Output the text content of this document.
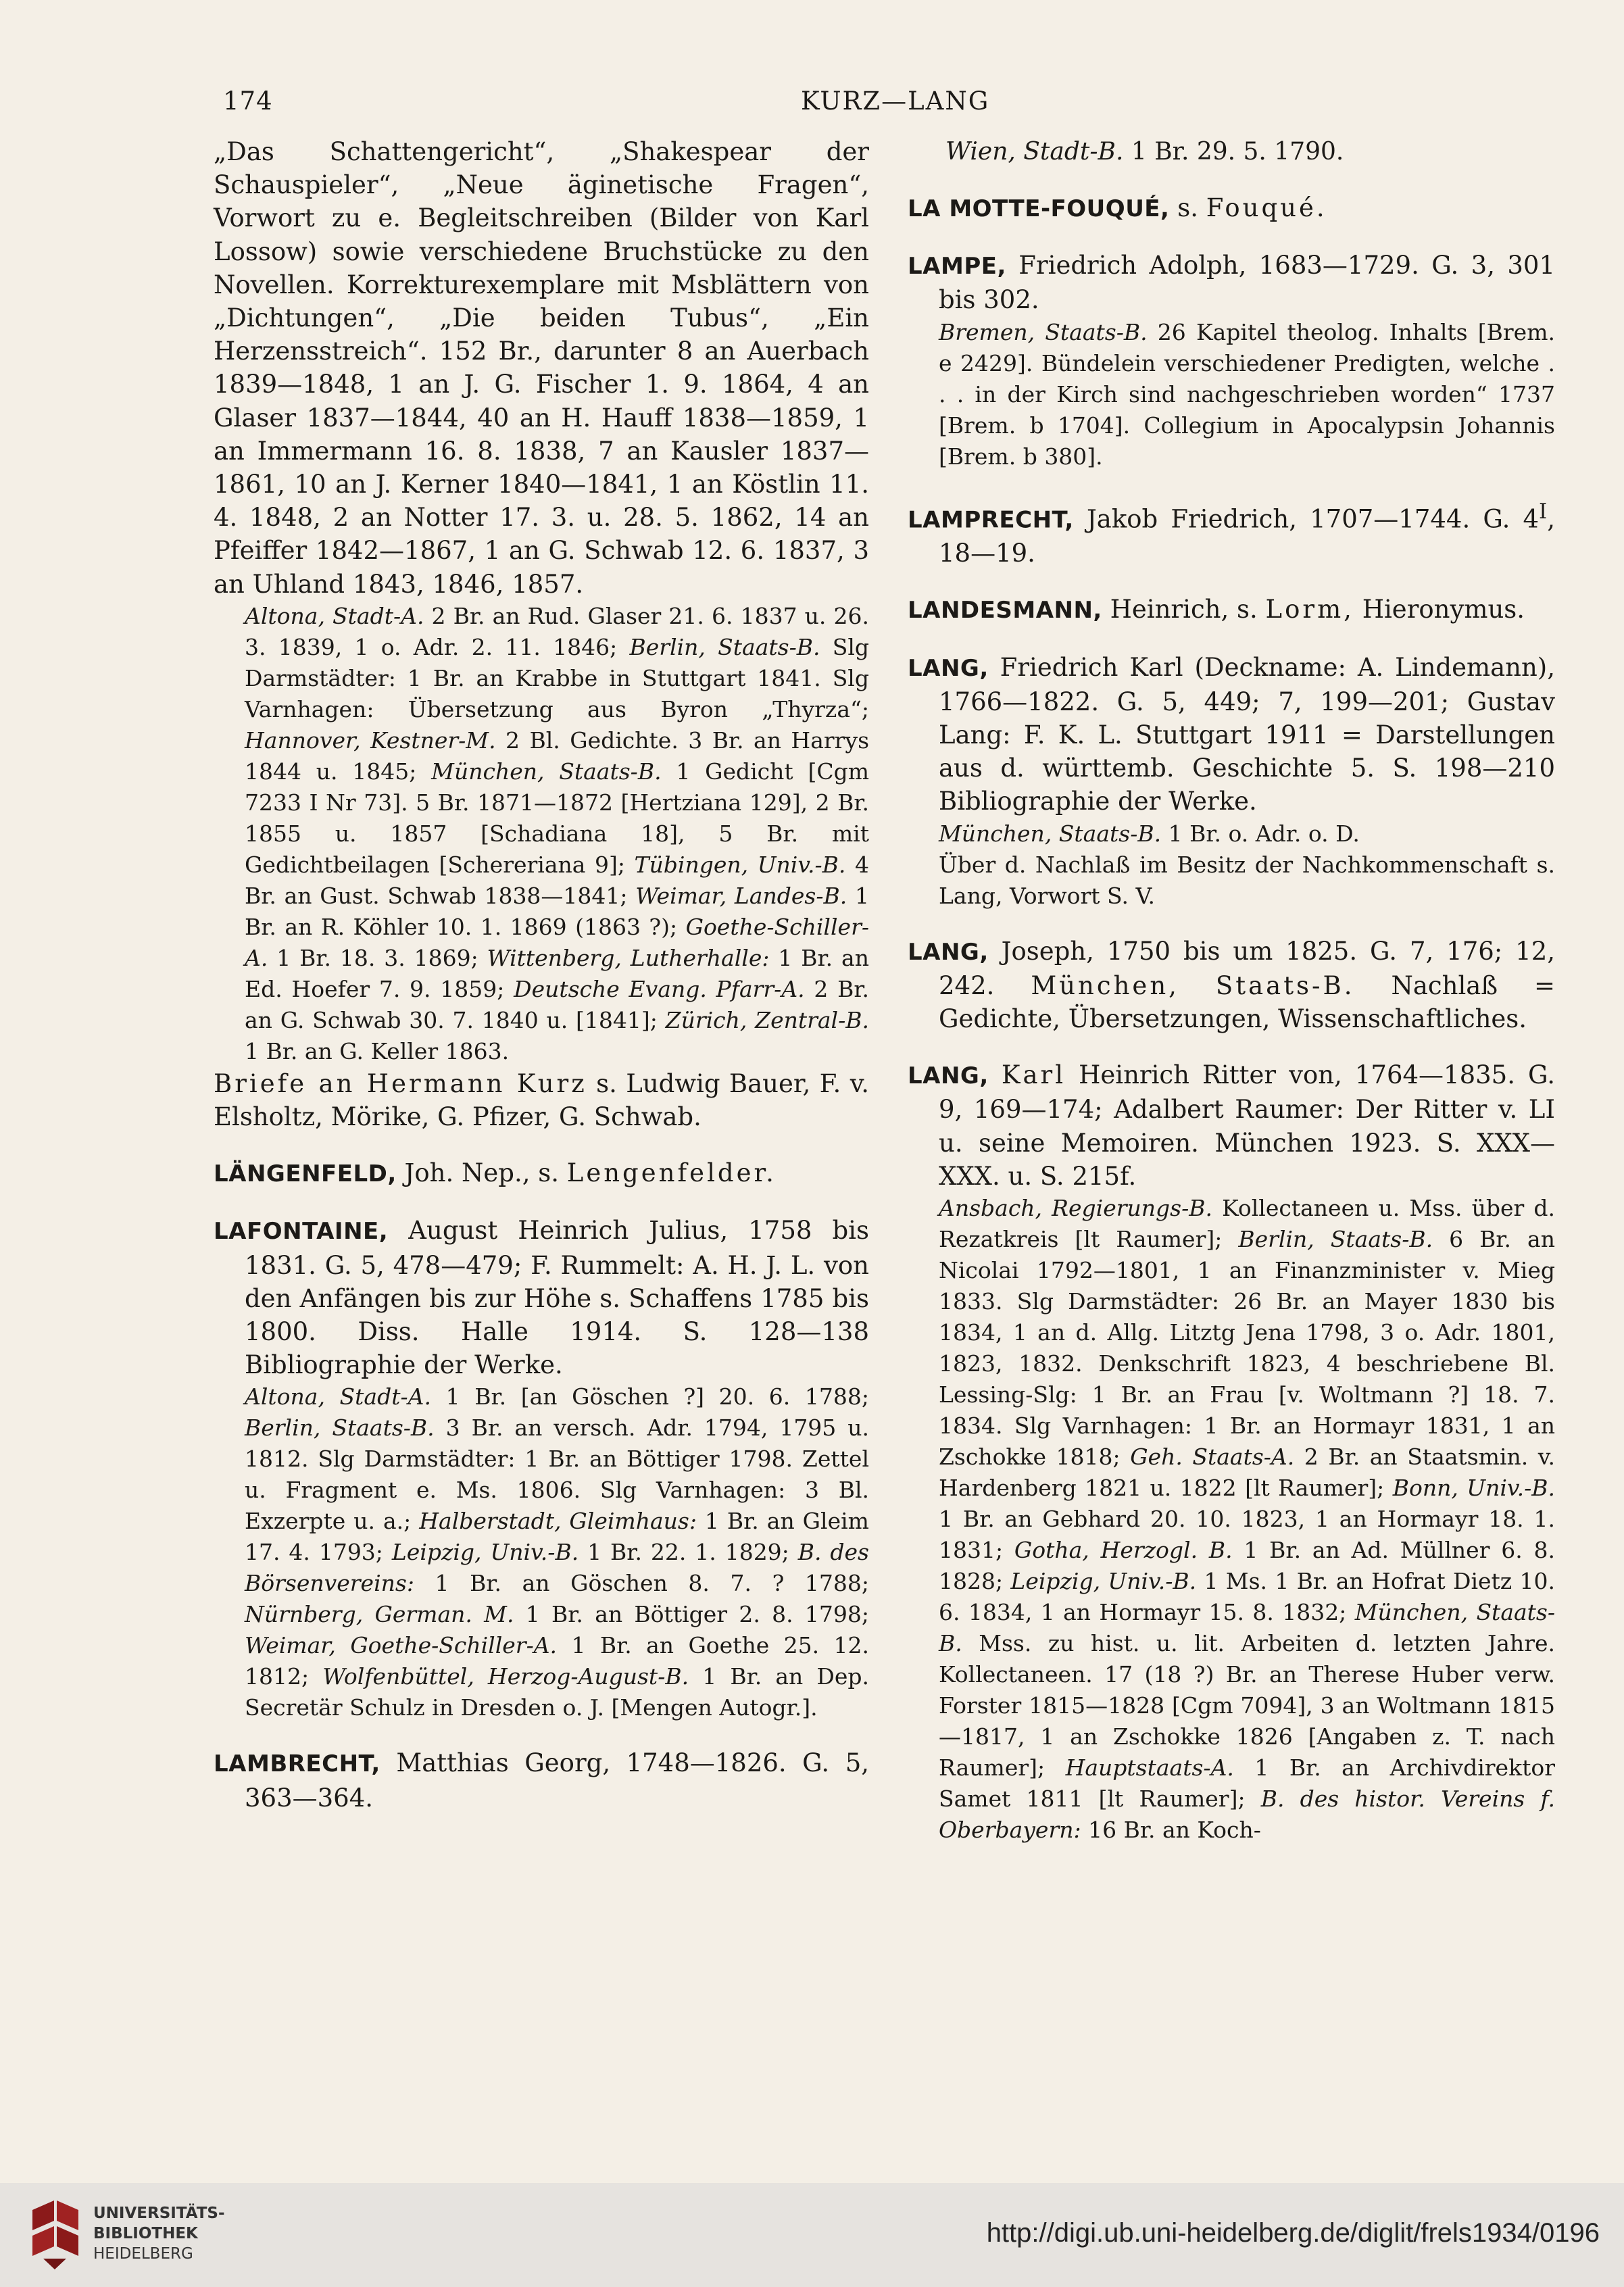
174	KURZ—LANG

„Das Schattengericht“, „Shakespear der Schauspieler“, „Neue äginetische Fragen“, Vorwort zu e. Begleitschreiben (Bilder von Karl Lossow) sowie verschiedene Bruchstücke zu den Novellen. Korrekturexemplare mit Msblättern von „Dichtungen“, „Die beiden Tubus“, „Ein Herzensstreich“. 152 Br., darunter 8 an Auerbach 1839—1848, 1 an J. G. Fischer 1. 9. 1864, 4 an Glaser 1837—1844, 40 an H. Hauff 1838—1859, 1 an Immermann 16. 8. 1838, 7 an Kausler 1837—1861, 10 an J. Kerner 1840—1841, 1 an Köstlin 11. 4. 1848, 2 an Notter 17. 3. u. 28. 5. 1862, 14 an Pfeiffer 1842—1867, 1 an G. Schwab 12. 6. 1837, 3 an Uhland 1843, 1846, 1857.

Altona, Stadt-A. 2 Br. an Rud. Glaser 21. 6. 1837 u. 26. 3. 1839, 1 o. Adr. 2. 11. 1846; Berlin, Staats-B. Slg Darmstädter: 1 Br. an Krabbe in Stuttgart 1841. Slg Varnhagen: Übersetzung aus Byron „Thyrza“; Hannover, Kestner-M. 2 Bl. Gedichte. 3 Br. an Harrys 1844 u. 1845; München, Staats-B. 1 Gedicht [Cgm 7233 I Nr 73]. 5 Br. 1871—1872 [Hertziana 129], 2 Br. 1855 u. 1857 [Schadiana 18], 5 Br. mit Gedichtbeilagen [Schereriana 9]; Tübingen, Univ.-B. 4 Br. an Gust. Schwab 1838—1841; Weimar, Landes-B. 1 Br. an R. Köhler 10. 1. 1869 (1863 ?); Goethe-Schiller-A. 1 Br. 18. 3. 1869; Wittenberg, Lutherhalle: 1 Br. an Ed. Hoefer 7. 9. 1859; Deutsche Evang. Pfarr-A. 2 Br. an G. Schwab 30. 7. 1840 u. [1841]; Zürich, Zentral-B. 1 Br. an G. Keller 1863.

Briefe an Hermann Kurz s. Ludwig Bauer, F. v. Elsholtz, Mörike, G. Pfizer, G. Schwab.

LÄNGENFELD, Joh. Nep., s. Lengenfelder.

LAFONTAINE, August Heinrich Julius, 1758 bis 1831. G. 5, 478—479; F. Rummelt: A. H. J. L. von den Anfängen bis zur Höhe s. Schaffens 1785 bis 1800. Diss. Halle 1914. S. 128—138 Bibliographie der Werke.

Altona, Stadt-A. 1 Br. [an Göschen ?] 20. 6. 1788; Berlin, Staats-B. 3 Br. an versch. Adr. 1794, 1795 u. 1812. Slg Darmstädter: 1 Br. an Böttiger 1798. Zettel u. Fragment e. Ms. 1806. Slg Varnhagen: 3 Bl. Exzerpte u. a.; Halberstadt, Gleimhaus: 1 Br. an Gleim 17. 4. 1793; Leipzig, Univ.-B. 1 Br. 22. 1. 1829; B. des Börsenvereins: 1 Br. an Göschen 8. 7. ? 1788; Nürnberg, German. M. 1 Br. an Böttiger 2. 8. 1798; Weimar, Goethe-Schiller-A. 1 Br. an Goethe 25. 12. 1812; Wolfenbüttel, Herzog-August-B. 1 Br. an Dep. Secretär Schulz in Dresden o. J. [Mengen Autogr.].

LAMBRECHT, Matthias Georg, 1748—1826. G. 5, 363—364.

Wien, Stadt-B. 1 Br. 29. 5. 1790.

LA MOTTE-FOUQUÉ, s. Fouqué.

LAMPE, Friedrich Adolph, 1683—1729. G. 3, 301 bis 302.

Bremen, Staats-B. 26 Kapitel theolog. Inhalts [Brem. e 2429]. Bündelein verschiedener Predigten, welche . . . in der Kirch sind nachgeschrieben worden“ 1737 [Brem. b 1704]. Collegium in Apocalypsin Johannis [Brem. b 380].

LAMPRECHT, Jakob Friedrich, 1707—1744. G. $4^I$, 18—19.

LANDESMANN, Heinrich, s. Lorm, Hieronymus.

LANG, Friedrich Karl (Deckname: A. Lindemann), 1766—1822. G. 5, 449; 7, 199—201; Gustav Lang: F. K. L. Stuttgart 1911 = Darstellungen aus d. württemb. Geschichte 5. S. 198—210 Bibliographie der Werke.

München, Staats-B. 1 Br. o. Adr. o. D.

Über d. Nachlaß im Besitz der Nachkommenschaft s. Lang, Vorwort S. V.

LANG, Joseph, 1750 bis um 1825. G. 7, 176; 12, 242. München, Staats-B. Nachlaß = Gedichte, Übersetzungen, Wissenschaftliches.

LANG, Karl Heinrich Ritter von, 1764—1835. G. 9, 169—174; Adalbert Raumer: Der Ritter v. LI u. seine Memoiren. München 1923. S. XXX—XXX. u. S. 215f.

Ansbach, Regierungs-B. Kollectaneen u. Mss. über d. Rezatkreis [lt Raumer]; Berlin, Staats-B. 6 Br. an Nicolai 1792—1801, 1 an Finanzminister v. Mieg 1833. Slg Darmstädter: 26 Br. an Mayer 1830 bis 1834, 1 an d. Allg. Litztg Jena 1798, 3 o. Adr. 1801, 1823, 1832. Denkschrift 1823, 4 beschriebene Bl. Lessing-Slg: 1 Br. an Frau [v. Woltmann ?] 18. 7. 1834. Slg Varnhagen: 1 Br. an Hormayr 1831, 1 an Zschokke 1818; Geh. Staats-A. 2 Br. an Staatsmin. v. Hardenberg 1821 u. 1822 [lt Raumer]; Bonn, Univ.-B. 1 Br. an Gebhard 20. 10. 1823, 1 an Hormayr 18. 1. 1831; Gotha, Herzogl. B. 1 Br. an Ad. Müllner 6. 8. 1828; Leipzig, Univ.-B. 1 Ms. 1 Br. an Hofrat Dietz 10. 6. 1834, 1 an Hormayr 15. 8. 1832; München, Staats-B. Mss. zu hist. u. lit. Arbeiten d. letzten Jahre. Kollectaneen. 17 (18 ?) Br. an Therese Huber verw. Forster 1815—1828 [Cgm 7094], 3 an Woltmann 1815—1817, 1 an Zschokke 1826 [Angaben z. T. nach Raumer]; Hauptstaats-A. 1 Br. an Archivdirektor Samet 1811 [lt Raumer]; B. des histor. Vereins f. Oberbayern: 16 Br. an Koch-

UNIVERSITÄTS-
BIBLIOTHEK
HEIDELBERG
http://digi.ub.uni-heidelberg.de/diglit/frels1934/0196
